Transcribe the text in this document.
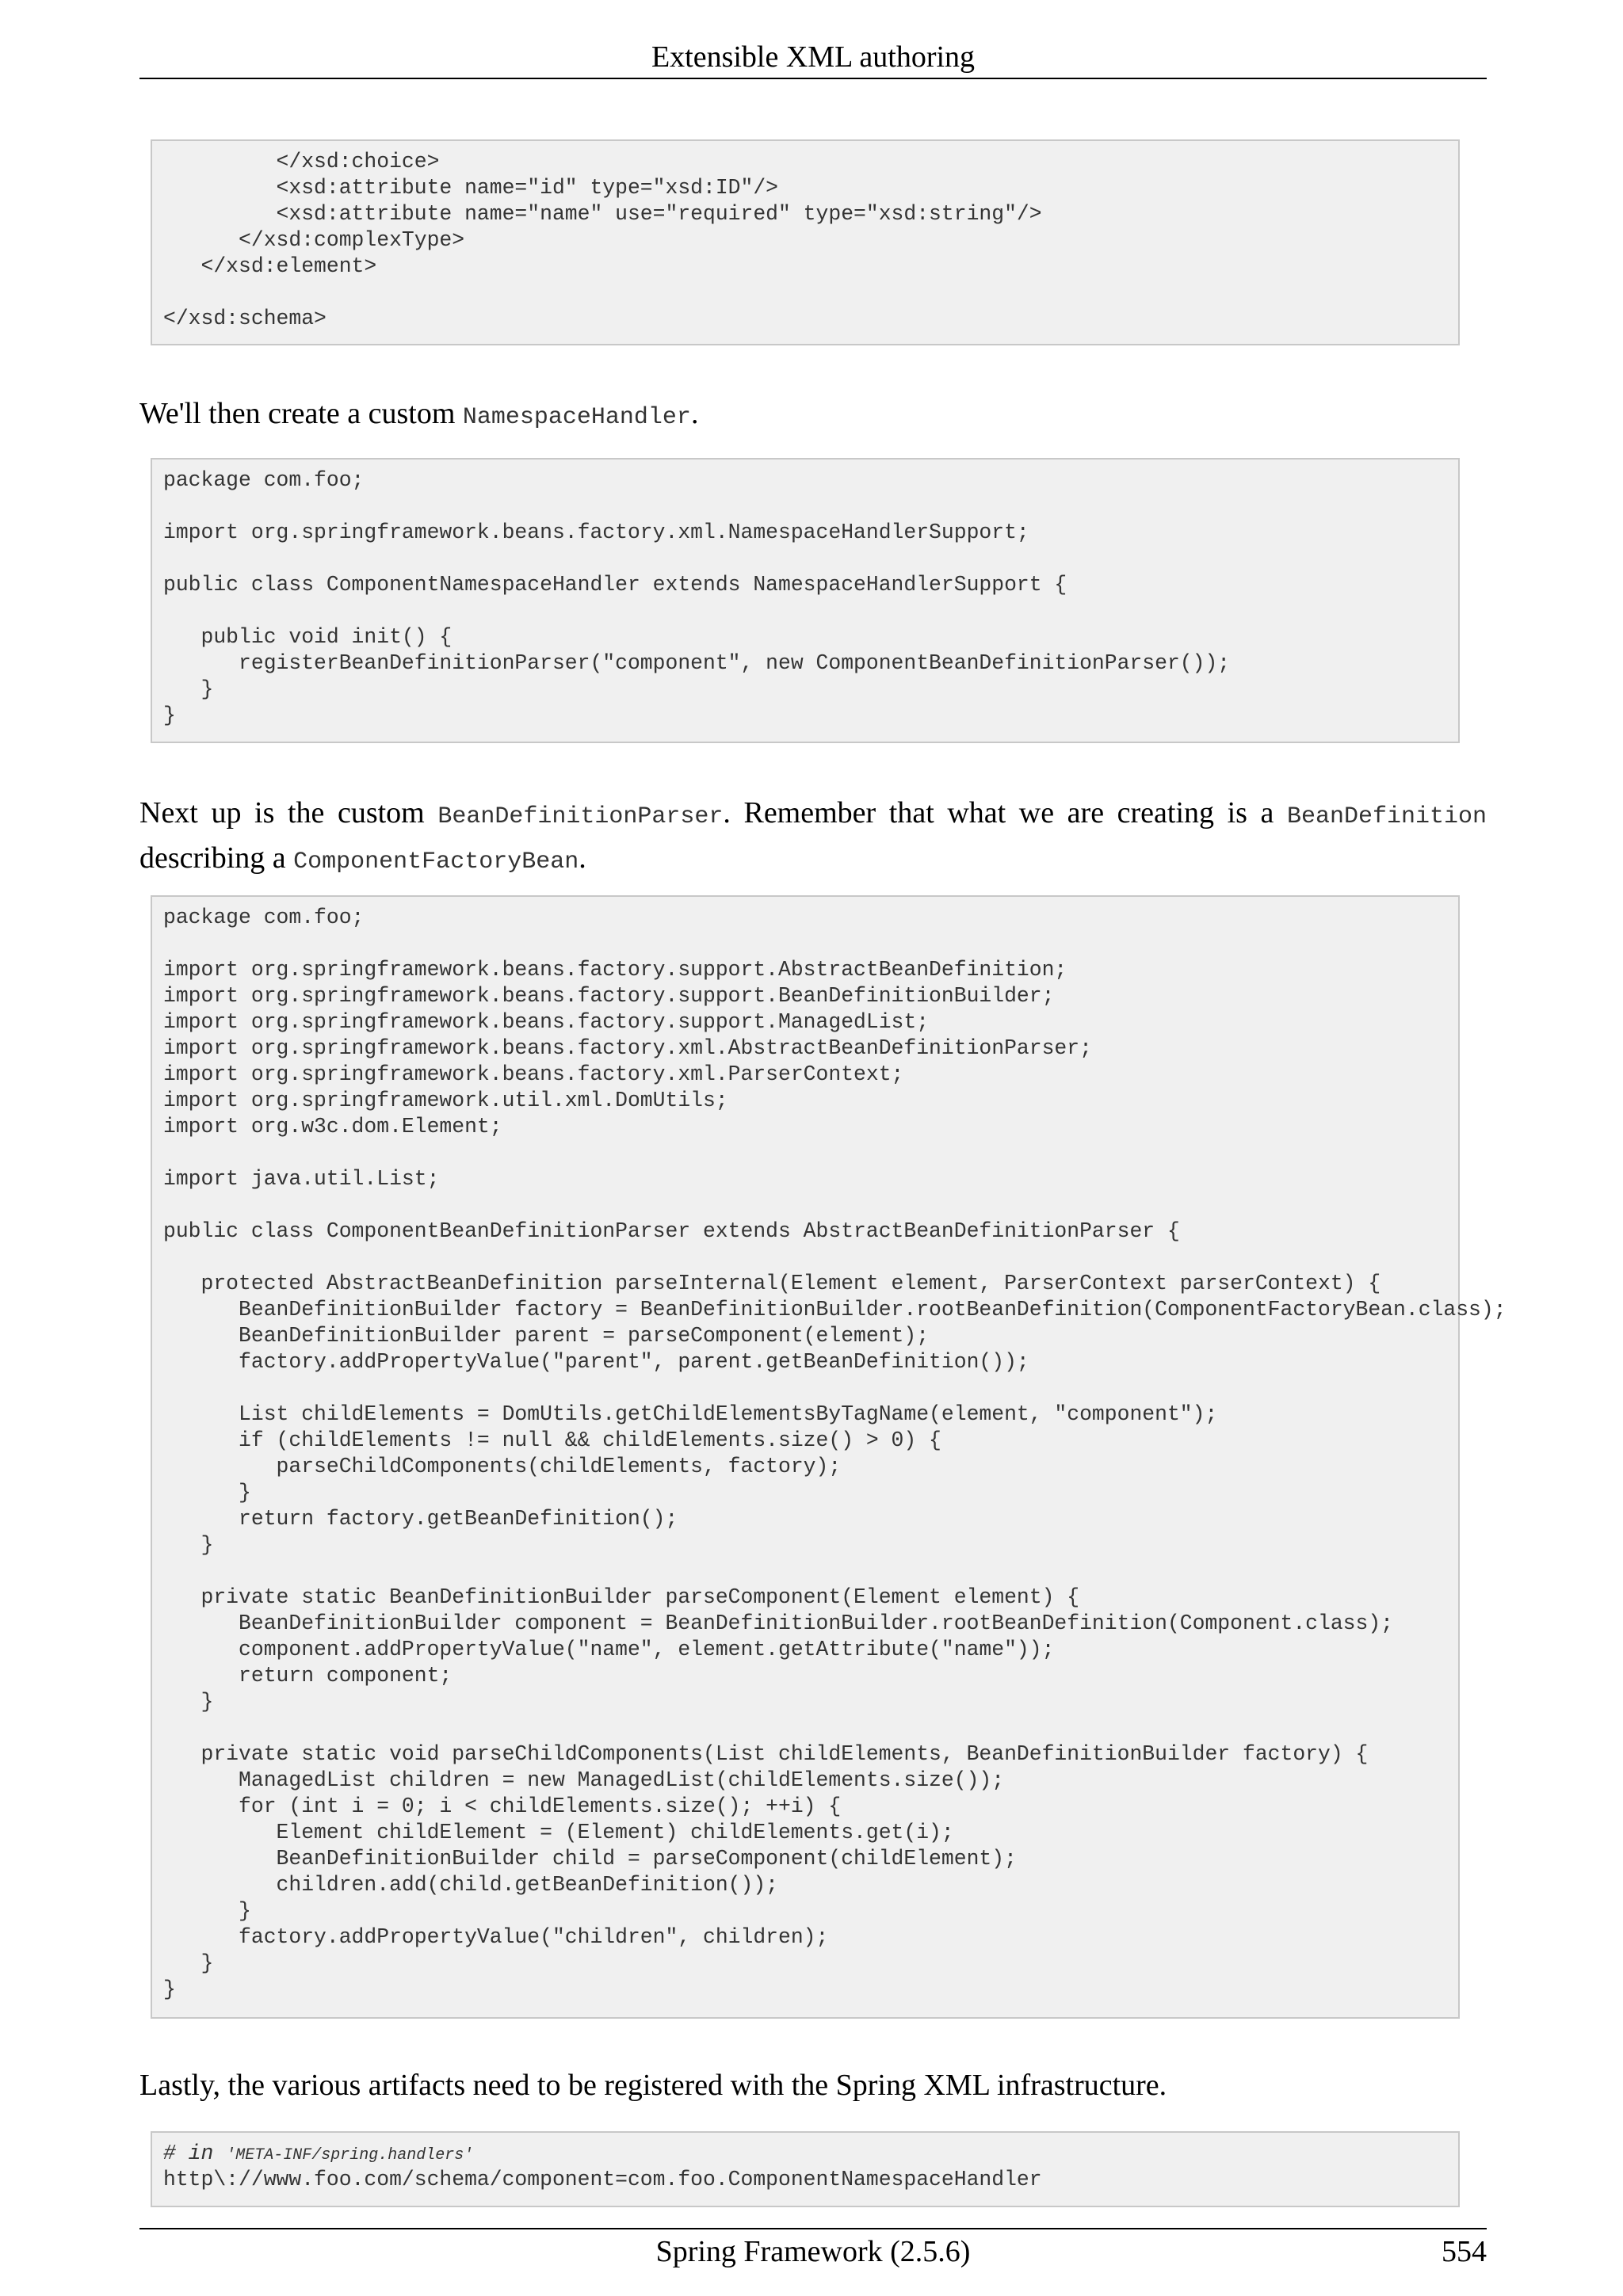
Extensible XML authoring
</xsd:choice>
<xsd:attribute name="id" type="xsd:ID"/>
<xsd:attribute name="name" use="required" type="xsd:string"/>
</xsd:complexType>
</xsd:element>
</xsd:schema>
We'll then create a custom NamespaceHandler.
package com.foo;
import org.springframework.beans.factory.xml.NamespaceHandlerSupport;
public class ComponentNamespaceHandler extends NamespaceHandlerSupport {
public void init() {
registerBeanDefinitionParser("component", new ComponentBeanDefinitionParser());
}
}
Next up is the custom BeanDefinitionParser. Remember that what we are creating is a BeanDefinition
describing a ComponentFactoryBean.
package com.foo;
import org.springframework.beans.factory.support.AbstractBeanDefinition;
import org.springframework.beans.factory.support.BeanDefinitionBuilder;
import org.springframework.beans.factory.support.ManagedList;
import org.springframework.beans.factory.xml.AbstractBeanDefinitionParser;
import org.springframework.beans.factory.xml.ParserContext;
import org.springframework.util.xml.DomUtils;
import org.w3c.dom.Element;
import java.util.List;
public class ComponentBeanDefinitionParser extends AbstractBeanDefinitionParser {
protected AbstractBeanDefinition parseInternal(Element element, ParserContext parserContext) {
BeanDefinitionBuilder factory = BeanDefinitionBuilder.rootBeanDefinition(ComponentFactoryBean.class);
BeanDefinitionBuilder parent = parseComponent(element);
factory.addPropertyValue("parent", parent.getBeanDefinition());
List childElements = DomUtils.getChildElementsByTagName(element, "component");
if (childElements != null && childElements.size() > 0) {
parseChildComponents(childElements, factory);
}
return factory.getBeanDefinition();
}
private static BeanDefinitionBuilder parseComponent(Element element) {
BeanDefinitionBuilder component = BeanDefinitionBuilder.rootBeanDefinition(Component.class);
component.addPropertyValue("name", element.getAttribute("name"));
return component;
}
private static void parseChildComponents(List childElements, BeanDefinitionBuilder factory) {
ManagedList children = new ManagedList(childElements.size());
for (int i = 0; i < childElements.size(); ++i) {
Element childElement = (Element) childElements.get(i);
BeanDefinitionBuilder child = parseComponent(childElement);
children.add(child.getBeanDefinition());
}
factory.addPropertyValue("children", children);
}
}
Lastly, the various artifacts need to be registered with the Spring XML infrastructure.
# in 'META-INF/spring.handlers'
http\://www.foo.com/schema/component=com.foo.ComponentNamespaceHandler
Spring Framework (2.5.6)	554
